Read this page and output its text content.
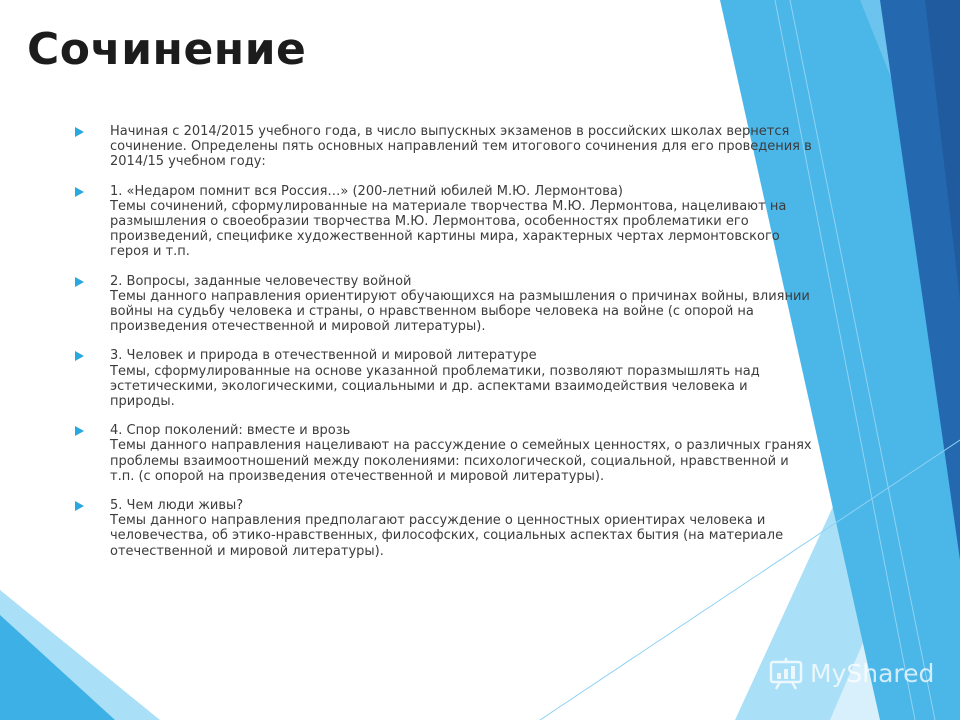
Сочинение
Начиная с 2014/2015 учебного года, в число выпускных экзаменов в российских школах вернется
сочинение. Определены пять основных направлений тем итогового сочинения для его проведения в
2014/15 учебном году:
1. «Недаром помнит вся Россия…» (200-летний юбилей М.Ю. Лермонтова)
Темы сочинений, сформулированные на материале творчества М.Ю. Лермонтова, нацеливают на
размышления о своеобразии творчества М.Ю. Лермонтова, особенностях проблематики его
произведений, специфике художественной картины мира, характерных чертах лермонтовского
героя и т.п.
2. Вопросы, заданные человечеству войной
Темы данного направления ориентируют обучающихся на размышления о причинах войны, влиянии
войны на судьбу человека и страны, о нравственном выборе человека на войне (с опорой на
произведения отечественной и мировой литературы).
3. Человек и природа в отечественной и мировой литературе
Темы, сформулированные на основе указанной проблематики, позволяют поразмышлять над
эстетическими, экологическими, социальными и др. аспектами взаимодействия человека и
природы.
4. Спор поколений: вместе и врозь
Темы данного направления нацеливают на рассуждение о семейных ценностях, о различных гранях
проблемы взаимоотношений между поколениями: психологической, социальной, нравственной и
т.п. (с опорой на произведения отечественной и мировой литературы).
5. Чем люди живы?
Темы данного направления предполагают рассуждение о ценностных ориентирах человека и
человечества, об этико-нравственных, философских, социальных аспектах бытия (на материале
отечественной и мировой литературы).
MyShared
